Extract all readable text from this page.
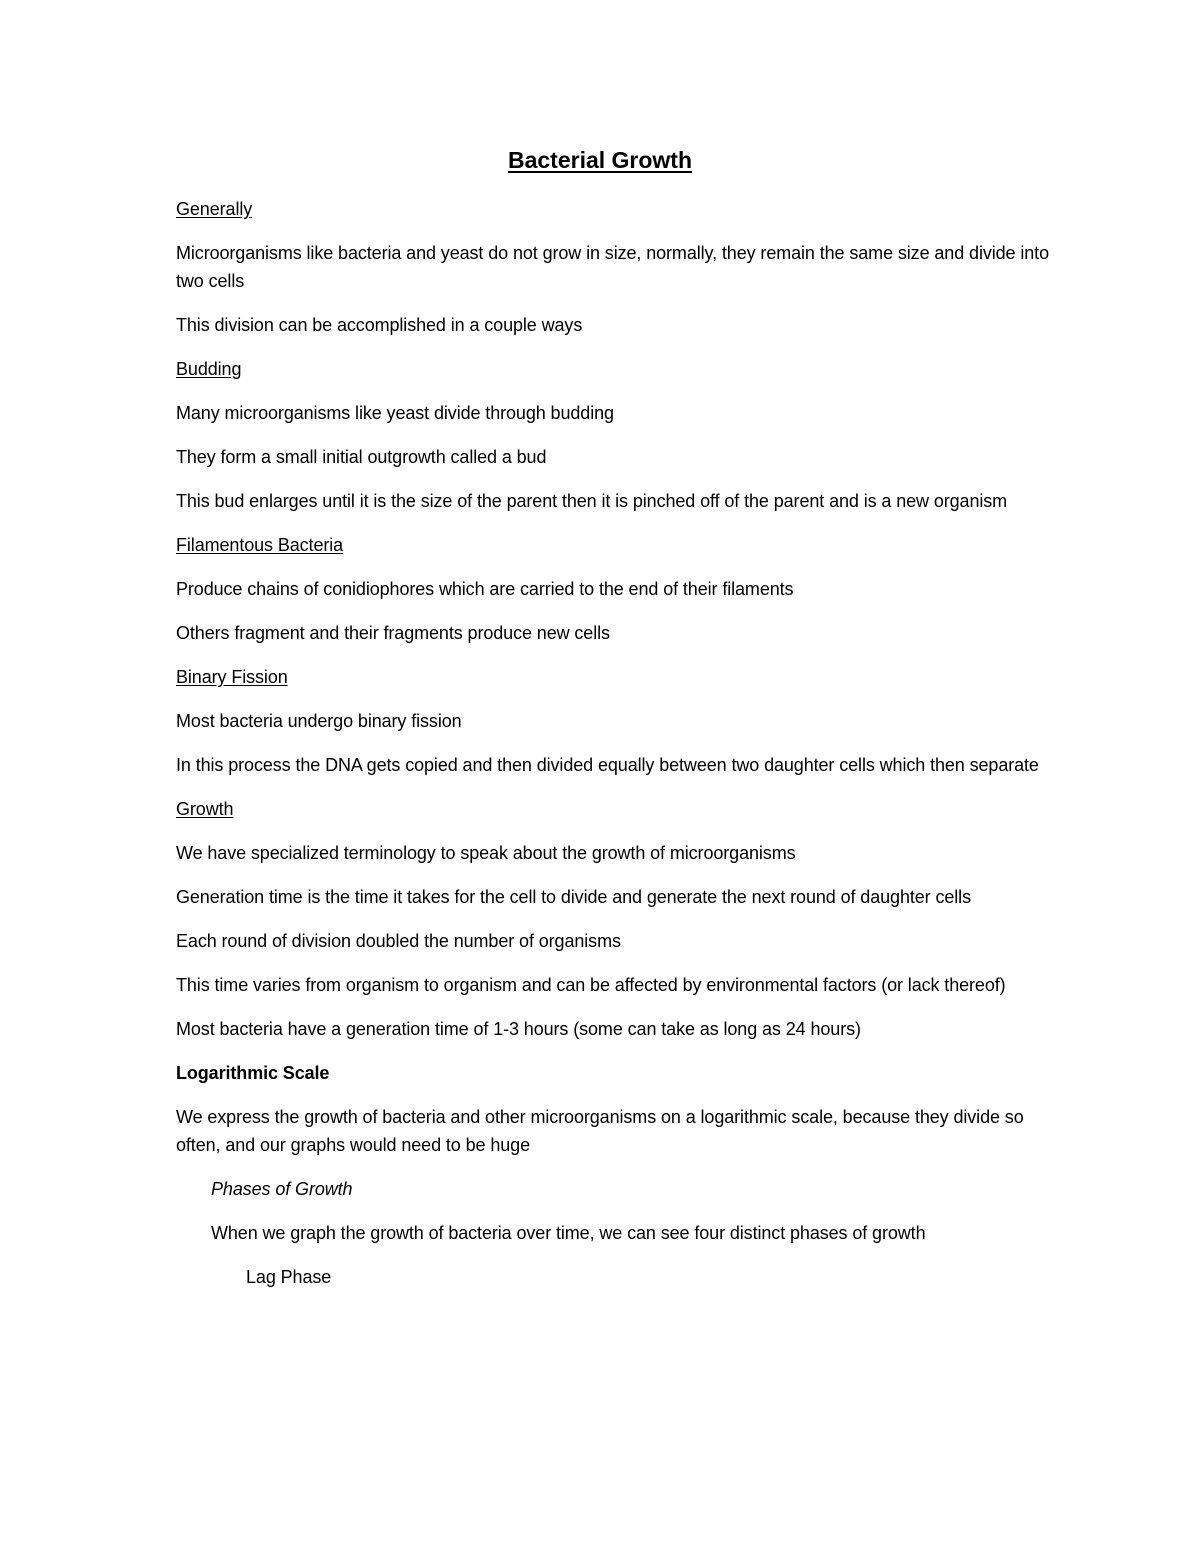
Bacterial Growth

Generally

Microorganisms like bacteria and yeast do not grow in size, normally, they remain the same size and divide into two cells

This division can be accomplished in a couple ways

Budding

Many microorganisms like yeast divide through budding

They form a small initial outgrowth called a bud

This bud enlarges until it is the size of the parent then it is pinched off of the parent and is a new organism

Filamentous Bacteria

Produce chains of conidiophores which are carried to the end of their filaments

Others fragment and their fragments produce new cells

Binary Fission

Most bacteria undergo binary fission

In this process the DNA gets copied and then divided equally between two daughter cells which then separate

Growth

We have specialized terminology to speak about the growth of microorganisms

Generation time is the time it takes for the cell to divide and generate the next round of daughter cells

Each round of division doubled the number of organisms

This time varies from organism to organism and can be affected by environmental factors (or lack thereof)

Most bacteria have a generation time of 1-3 hours (some can take as long as 24 hours)

Logarithmic Scale

We express the growth of bacteria and other microorganisms on a logarithmic scale, because they divide so often, and our graphs would need to be huge

Phases of Growth

When we graph the growth of bacteria over time, we can see four distinct phases of growth

Lag Phase
